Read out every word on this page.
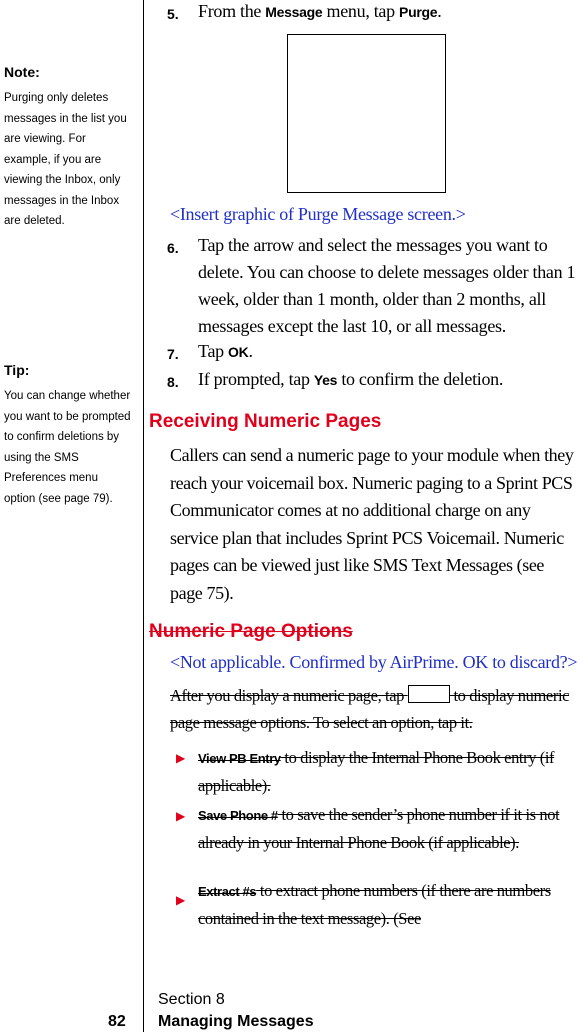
Note:
Purging only deletes messages in the list you are viewing. For example, if you are viewing the Inbox, only messages in the Inbox are deleted.
Tip:
You can change whether you want to be prompted to confirm deletions by using the SMS Preferences menu option (see page 79).
5. From the Message menu, tap Purge.
<Insert graphic of Purge Message screen.>
6. Tap the arrow and select the messages you want to delete. You can choose to delete messages older than 1 week, older than 1 month, older than 2 months, all messages except the last 10, or all messages.
7. Tap OK.
8. If prompted, tap Yes to confirm the deletion.
Receiving Numeric Pages
Callers can send a numeric page to your module when they reach your voicemail box. Numeric paging to a Sprint PCS Communicator comes at no additional charge on any service plan that includes Sprint PCS Voicemail. Numeric pages can be viewed just like SMS Text Messages (see page 75).
Numeric Page Options
<Not applicable. Confirmed by AirPrime. OK to discard?>
After you display a numeric page, tap	to display numeric page message options. To select an option, tap it.
▶ View PB Entry to display the Internal Phone Book entry (if applicable).
▶ Save Phone # to save the sender’s phone number if it is not already in your Internal Phone Book (if applicable).
▶
Extract #s to extract phone numbers (if there are numbers contained in the text message). (See
Section 8
82 Managing Messages
